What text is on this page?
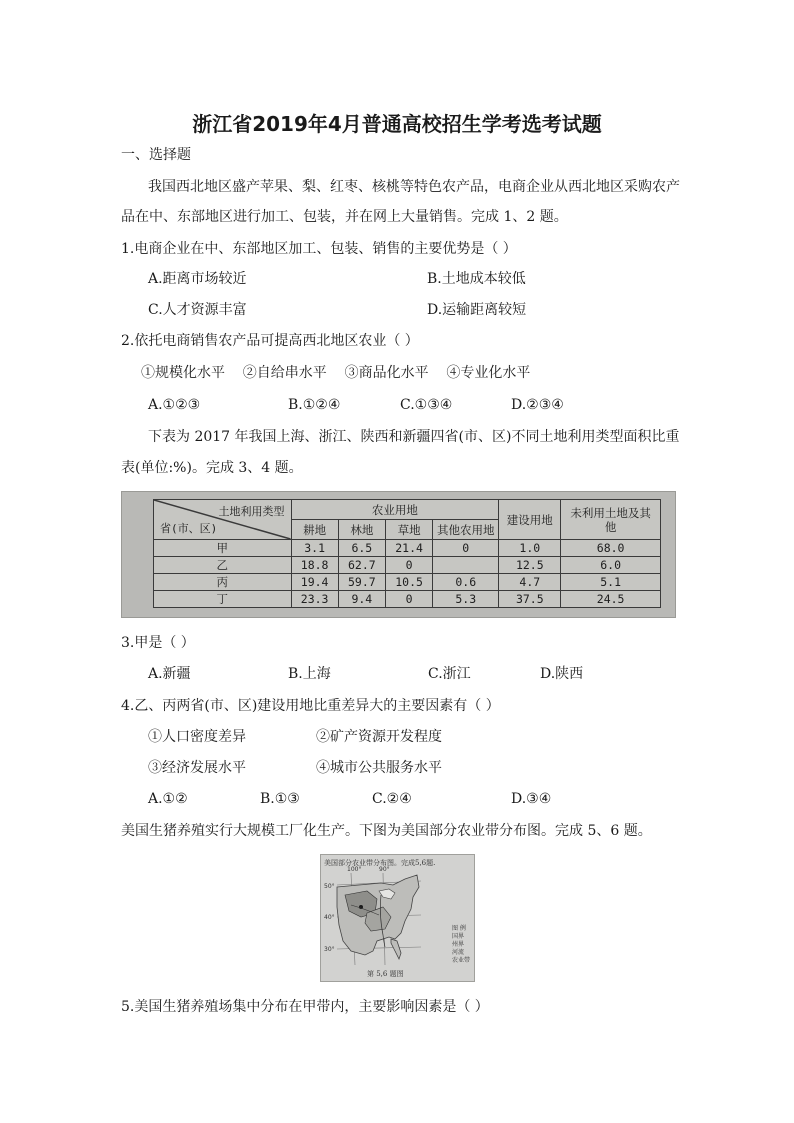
浙江省2019年4月普通高校招生学考选考试题
一、选择题
我国西北地区盛产苹果、梨、红枣、核桃等特色农产品，电商企业从西北地区采购农产
品在中、东部地区进行加工、包装，并在网上大量销售。完成 1、2 题。
1.电商企业在中、东部地区加工、包装、销售的主要优势是（ ）
A.距离市场较近	B.土地成本较低
C.人才资源丰富	D.运输距离较短
2.依托电商销售农产品可提高西北地区农业（ ）
①规模化水平    ②自给串水平    ③商品化水平    ④专业化水平
A.①②③	B.①②④	C.①③④	D.②③④
下表为 2017 年我国上海、浙江、陕西和新疆四省(市、区)不同土地利用类型面积比重
表(单位:%)。完成 3、4 题。
土地利用类型
省(市、区)	农业用地				建设用地	未利用土地及其他
	耕地	林地	草地	其他农用地		
甲	3.1	6.5	21.4	0	1.0	68.0
乙	18.8	62.7	0		12.5	6.0
丙	19.4	59.7	10.5	0.6	4.7	5.1
丁	23.3	9.4	0	5.3	37.5	24.5
3.甲是（ ）
A.新疆	B.上海	C.浙江	D.陕西
4.乙、丙两省(市、区)建设用地比重差异大的主要因素有（ ）
①人口密度差异	②矿产资源开发程度
③经济发展水平	④城市公共服务水平
A.①②	B.①③	C.②④	D.③④
美国生猪养殖实行大规模工厂化生产。下图为美国部分农业带分布图。完成 5、6 题。
美国部分农业带分布图。完成5,6题.
50°
40°
30°
100°	90°
图 例
国界
州界
河流
农业带
第 5,6 题图
5.美国生猪养殖场集中分布在甲带内，主要影响因素是（ ）
